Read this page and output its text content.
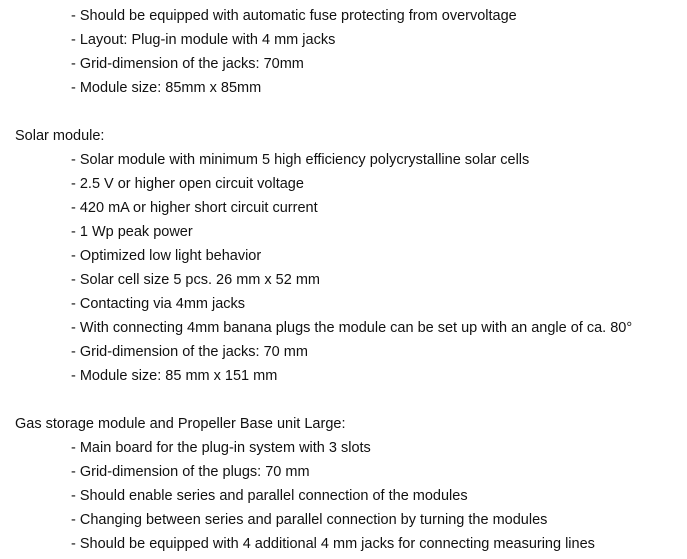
- Should be equipped with automatic fuse protecting from overvoltage
- Layout: Plug-in module with 4 mm jacks
- Grid-dimension of the jacks: 70mm
- Module size: 85mm x 85mm
Solar module:
- Solar module with minimum 5 high efficiency polycrystalline solar cells
- 2.5 V or higher open circuit voltage
- 420 mA or higher short circuit current
- 1 Wp peak power
- Optimized low light behavior
- Solar cell size 5 pcs. 26 mm x 52 mm
- Contacting via 4mm jacks
- With connecting 4mm banana plugs the module can be set up with an angle of ca. 80°
- Grid-dimension of the jacks: 70 mm
- Module size: 85 mm x 151 mm
Gas storage module and Propeller Base unit Large:
- Main board for the plug-in system with 3 slots
- Grid-dimension of the plugs: 70 mm
- Should enable series and parallel connection of the modules
- Changing between series and parallel connection by turning the modules
- Should be equipped with 4 additional 4 mm jacks for connecting measuring lines
